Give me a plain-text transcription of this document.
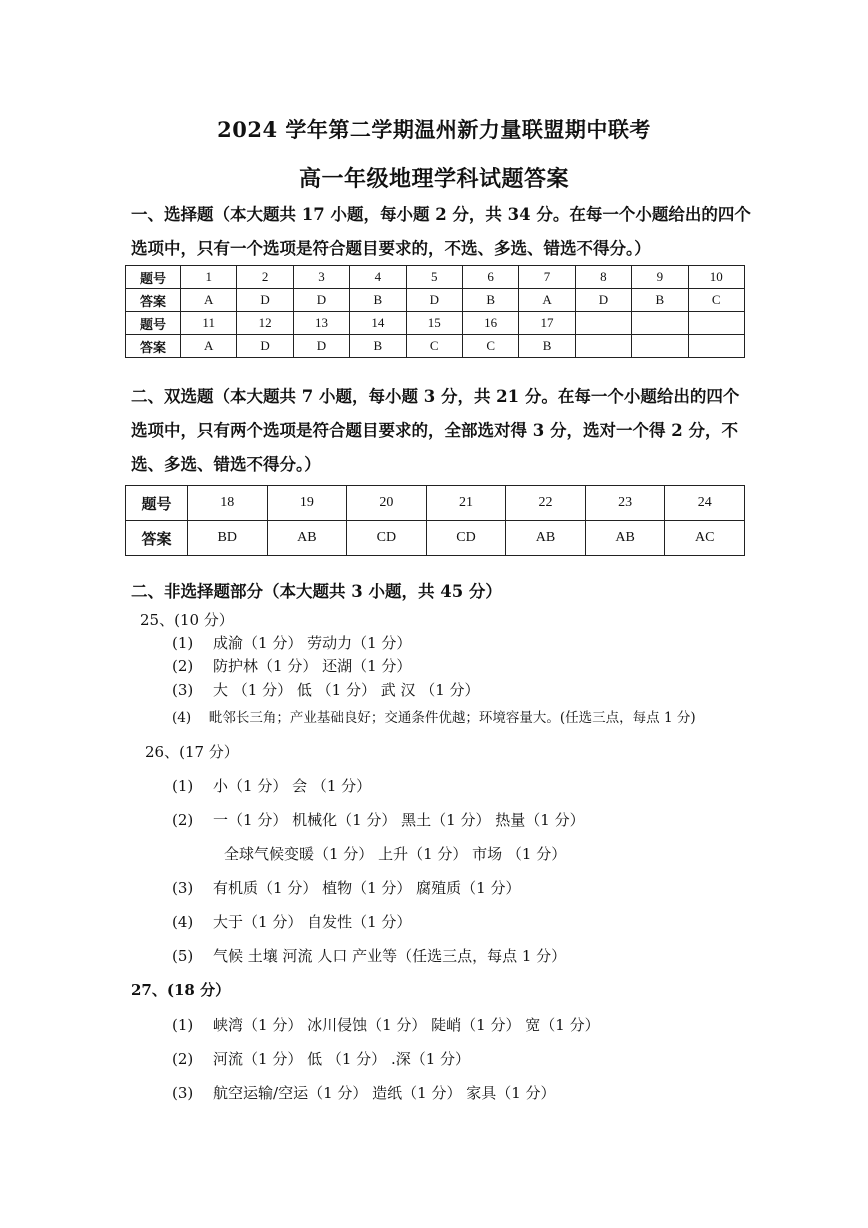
2024 学年第二学期温州新力量联盟期中联考
高一年级地理学科试题答案
一、选择题（本大题共 17 小题，每小题 2 分，共 34 分。在每一个小题给出的四个选项中，只有一个选项是符合题目要求的，不选、多选、错选不得分。）
题号	1	2	3	4	5	6	7	8	9	10
答案	A	D	D	B	D	B	A	D	B	C
题号	11	12	13	14	15	16	17			
答案	A	D	D	B	C	C	B			
二、双选题（本大题共 7 小题，每小题 3 分，共 21 分。在每一个小题给出的四个选项中，只有两个选项是符合题目要求的，全部选对得 3 分，选对一个得 2 分，不选、多选、错选不得分。）
题号	18	19	20	21	22	23	24
答案	BD	AB	CD	CD	AB	AB	AC
二、非选择题部分（本大题共 3 小题，共 45 分）
25、(10 分）
(1)　 成渝（1 分） 劳动力（1 分）
(2)　 防护林（1 分） 还湖（1 分）
(3)　 大 （1 分） 低 （1 分） 武 汉 （1 分）
(4)　 毗邻长三角；产业基础良好；交通条件优越；环境容量大。(任选三点，每点 1 分)
26、(17 分）
(1)　 小（1 分） 会 （1 分）
(2)　 一（1 分） 机械化（1 分） 黑土（1 分） 热量（1 分）
全球气候变暖（1 分） 上升（1 分） 市场 （1 分）
(3)　 有机质（1 分） 植物（1 分） 腐殖质（1 分）
(4)　 大于（1 分） 自发性（1 分）
(5)　 气候 土壤 河流 人口 产业等（任选三点，每点 1 分）
27、(18 分）
(1)　 峡湾（1 分） 冰川侵蚀（1 分） 陡峭（1 分） 宽（1 分）
(2)　 河流（1 分） 低 （1 分） .深（1 分）
(3)　 航空运输/空运（1 分） 造纸（1 分） 家具（1 分）
